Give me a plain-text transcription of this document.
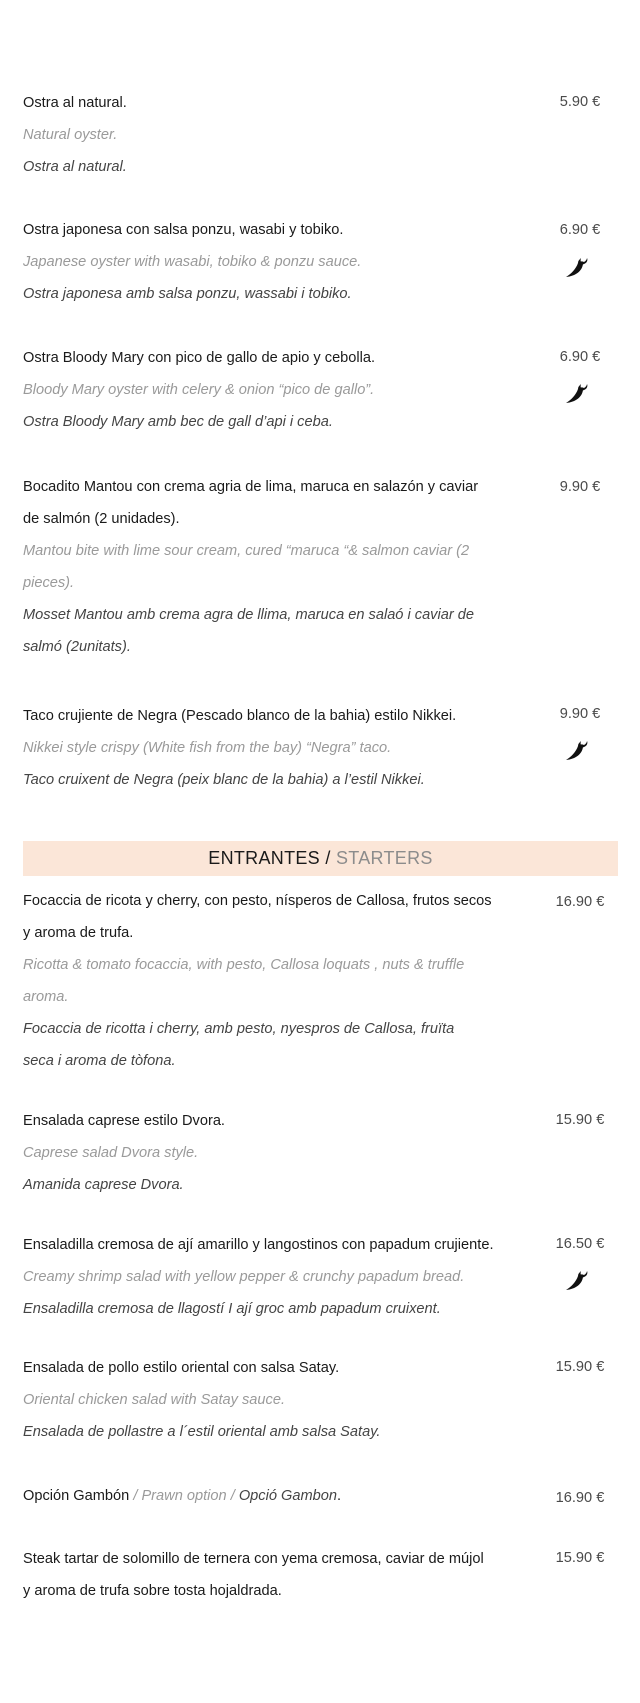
Ostra al natural.

Natural oyster.

Ostra al natural.

5.90 €

Ostra japonesa con salsa ponzu, wasabi y tobiko.

Japanese oyster with wasabi, tobiko & ponzu sauce.

Ostra japonesa amb salsa ponzu, wassabi i tobiko.

6.90 €

Ostra Bloody Mary con pico de gallo de apio y cebolla.

Bloody Mary oyster with celery & onion “pico de gallo”.

Ostra Bloody Mary amb bec de gall d’api i ceba.

6.90 €

Bocadito Mantou con crema agria de lima, maruca en salazón y caviar

de salmón (2 unidades).

Mantou bite with lime sour cream, cured “maruca “& salmon caviar (2

pieces).

Mosset Mantou amb crema agra de llima, maruca en salaó i caviar de

salmó (2unitats).

9.90 €

Taco crujiente de Negra (Pescado blanco de la bahia) estilo Nikkei.

Nikkei style crispy (White fish from the bay) “Negra” taco.

Taco cruixent de Negra (peix blanc de la bahia) a l’estil Nikkei.

9.90 €
ENTRANTES / STARTERS

Focaccia de ricota y cherry, con pesto, nísperos de Callosa, frutos secos

y aroma de trufa.

Ricotta & tomato focaccia, with pesto, Callosa loquats , nuts & truffle

aroma.

Focaccia de ricotta i cherry, amb pesto, nyespros de Callosa, fruïta

seca i aroma de tòfona.

16.90 €

Ensalada caprese estilo Dvora.

Caprese salad Dvora style.

Amanida caprese Dvora.

15.90 €

Ensaladilla cremosa de ají amarillo y langostinos con papadum crujiente.

Creamy shrimp salad with yellow pepper & crunchy papadum bread.

Ensaladilla cremosa de llagostí I ají groc amb papadum cruixent.

16.50 €

Ensalada de pollo estilo oriental con salsa Satay.

Oriental chicken salad with Satay sauce.

Ensalada de pollastre a l´estil oriental amb salsa Satay.

15.90 €

Opción Gambón / Prawn option / Opció Gambon.	16.90 €

Steak tartar de solomillo de ternera con yema cremosa, caviar de mújol

y aroma de trufa sobre tosta hojaldrada.

15.90 €
